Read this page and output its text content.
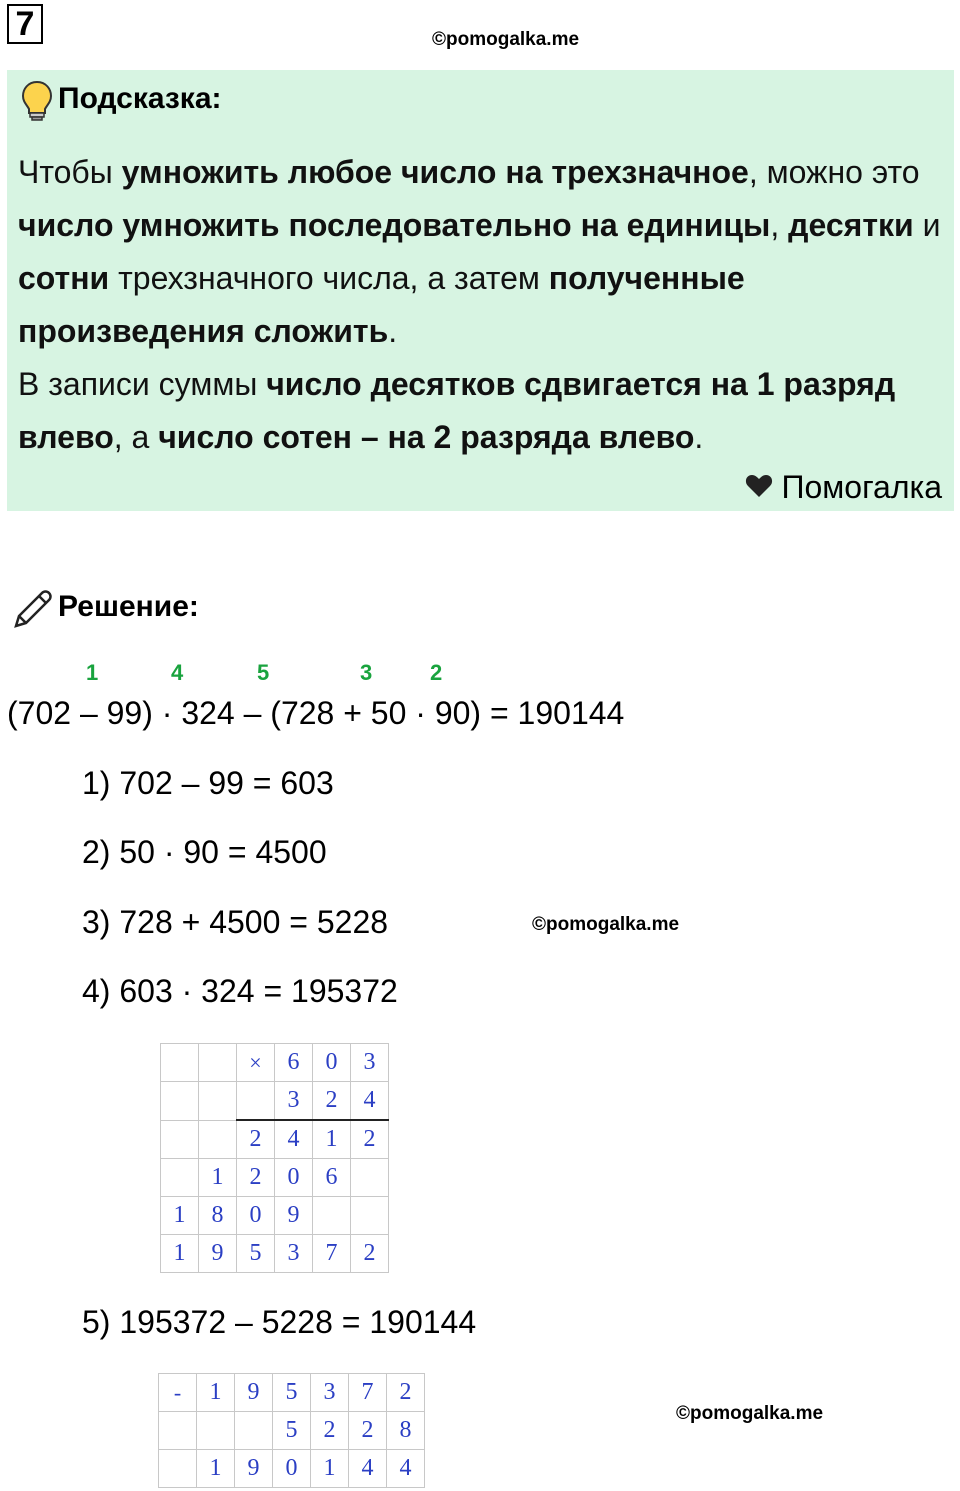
7	©pomogalka.me
Подсказка:
Чтобы умножить любое число на трехзначное, можно это число умножить последовательно на единицы, десятки и сотни трехзначного числа, а затем полученные произведения сложить.
В записи суммы число десятков сдвигается на 1 разряд влево, а число сотен – на 2 разряда влево.
Помогалка
Решение:
1	4	5	3	2
(702 – 99) · 324 – (728 + 50 · 90) = 190144
1) 702 – 99 = 603
2) 50 · 90 = 4500
3) 728 + 4500 = 5228	©pomogalka.me
4) 603 · 324 = 195372
		×	6	0	3
			3	2	4
		2	4	1	2
	1	2	0	6	
1	8	0	9		
1	9	5	3	7	2
5) 195372 – 5228 = 190144
-	1	9	5	3	7	2
			5	2	2	8
	1	9	0	1	4	4
©pomogalka.me
